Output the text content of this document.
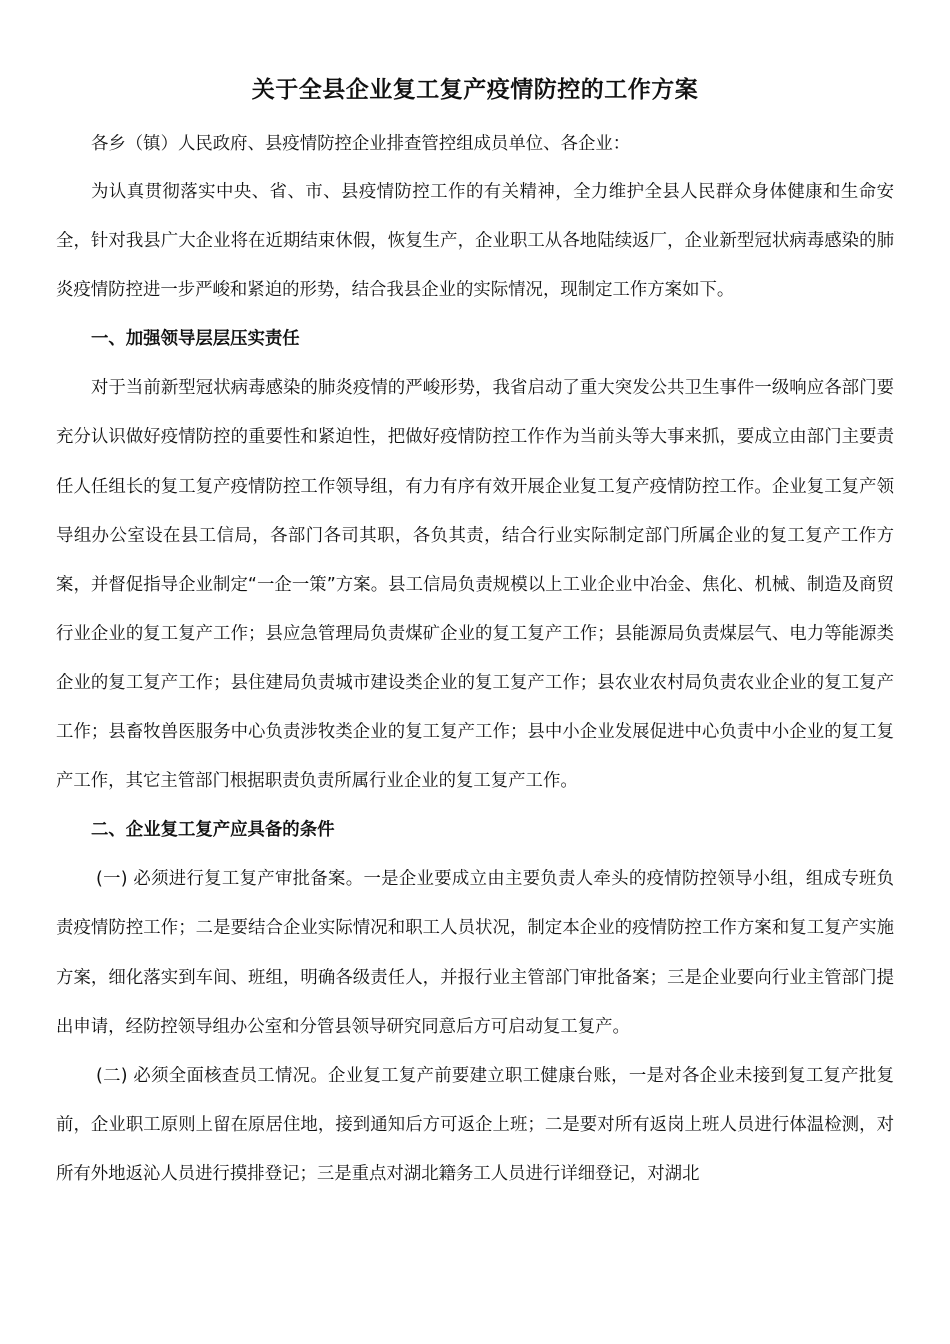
关于全县企业复工复产疫情防控的工作方案

各乡（镇）人民政府、县疫情防控企业排查管控组成员单位、各企业：

为认真贯彻落实中央、省、市、县疫情防控工作的有关精神，全力维护全县人民群众身体健康和生命安全，针对我县广大企业将在近期结束休假，恢复生产，企业职工从各地陆续返厂，企业新型冠状病毒感染的肺炎疫情防控进一步严峻和紧迫的形势，结合我县企业的实际情况，现制定工作方案如下。

一、加强领导层层压实责任

对于当前新型冠状病毒感染的肺炎疫情的严峻形势，我省启动了重大突发公共卫生事件一级响应各部门要充分认识做好疫情防控的重要性和紧迫性，把做好疫情防控工作作为当前头等大事来抓，要成立由部门主要责任人任组长的复工复产疫情防控工作领导组，有力有序有效开展企业复工复产疫情防控工作。企业复工复产领导组办公室设在县工信局，各部门各司其职，各负其责，结合行业实际制定部门所属企业的复工复产工作方案，并督促指导企业制定“一企一策”方案。县工信局负责规模以上工业企业中冶金、焦化、机械、制造及商贸行业企业的复工复产工作；县应急管理局负责煤矿企业的复工复产工作；县能源局负责煤层气、电力等能源类企业的复工复产工作；县住建局负责城市建设类企业的复工复产工作；县农业农村局负责农业企业的复工复产工作；县畜牧兽医服务中心负责涉牧类企业的复工复产工作；县中小企业发展促进中心负责中小企业的复工复产工作，其它主管部门根据职责负责所属行业企业的复工复产工作。

二、企业复工复产应具备的条件

(一) 必须进行复工复产审批备案。一是企业要成立由主要负责人牵头的疫情防控领导小组，组成专班负责疫情防控工作；二是要结合企业实际情况和职工人员状况，制定本企业的疫情防控工作方案和复工复产实施方案，细化落实到车间、班组，明确各级责任人，并报行业主管部门审批备案；三是企业要向行业主管部门提出申请，经防控领导组办公室和分管县领导研究同意后方可启动复工复产。

(二) 必须全面核查员工情况。企业复工复产前要建立职工健康台账，一是对各企业未接到复工复产批复前，企业职工原则上留在原居住地，接到通知后方可返企上班；二是要对所有返岗上班人员进行体温检测，对所有外地返沁人员进行摸排登记；三是重点对湖北籍务工人员进行详细登记，对湖北
